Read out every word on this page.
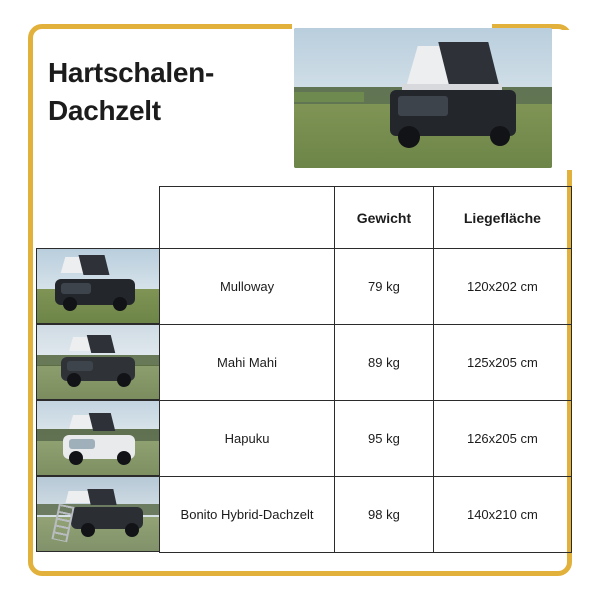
Hartschalen-Dachzelt
	Gewicht	Liegefläche
Mulloway	79 kg	120x202 cm
Mahi Mahi	89 kg	125x205 cm
Hapuku	95 kg	126x205 cm
Bonito Hybrid-Dachzelt	98 kg	140x210 cm
